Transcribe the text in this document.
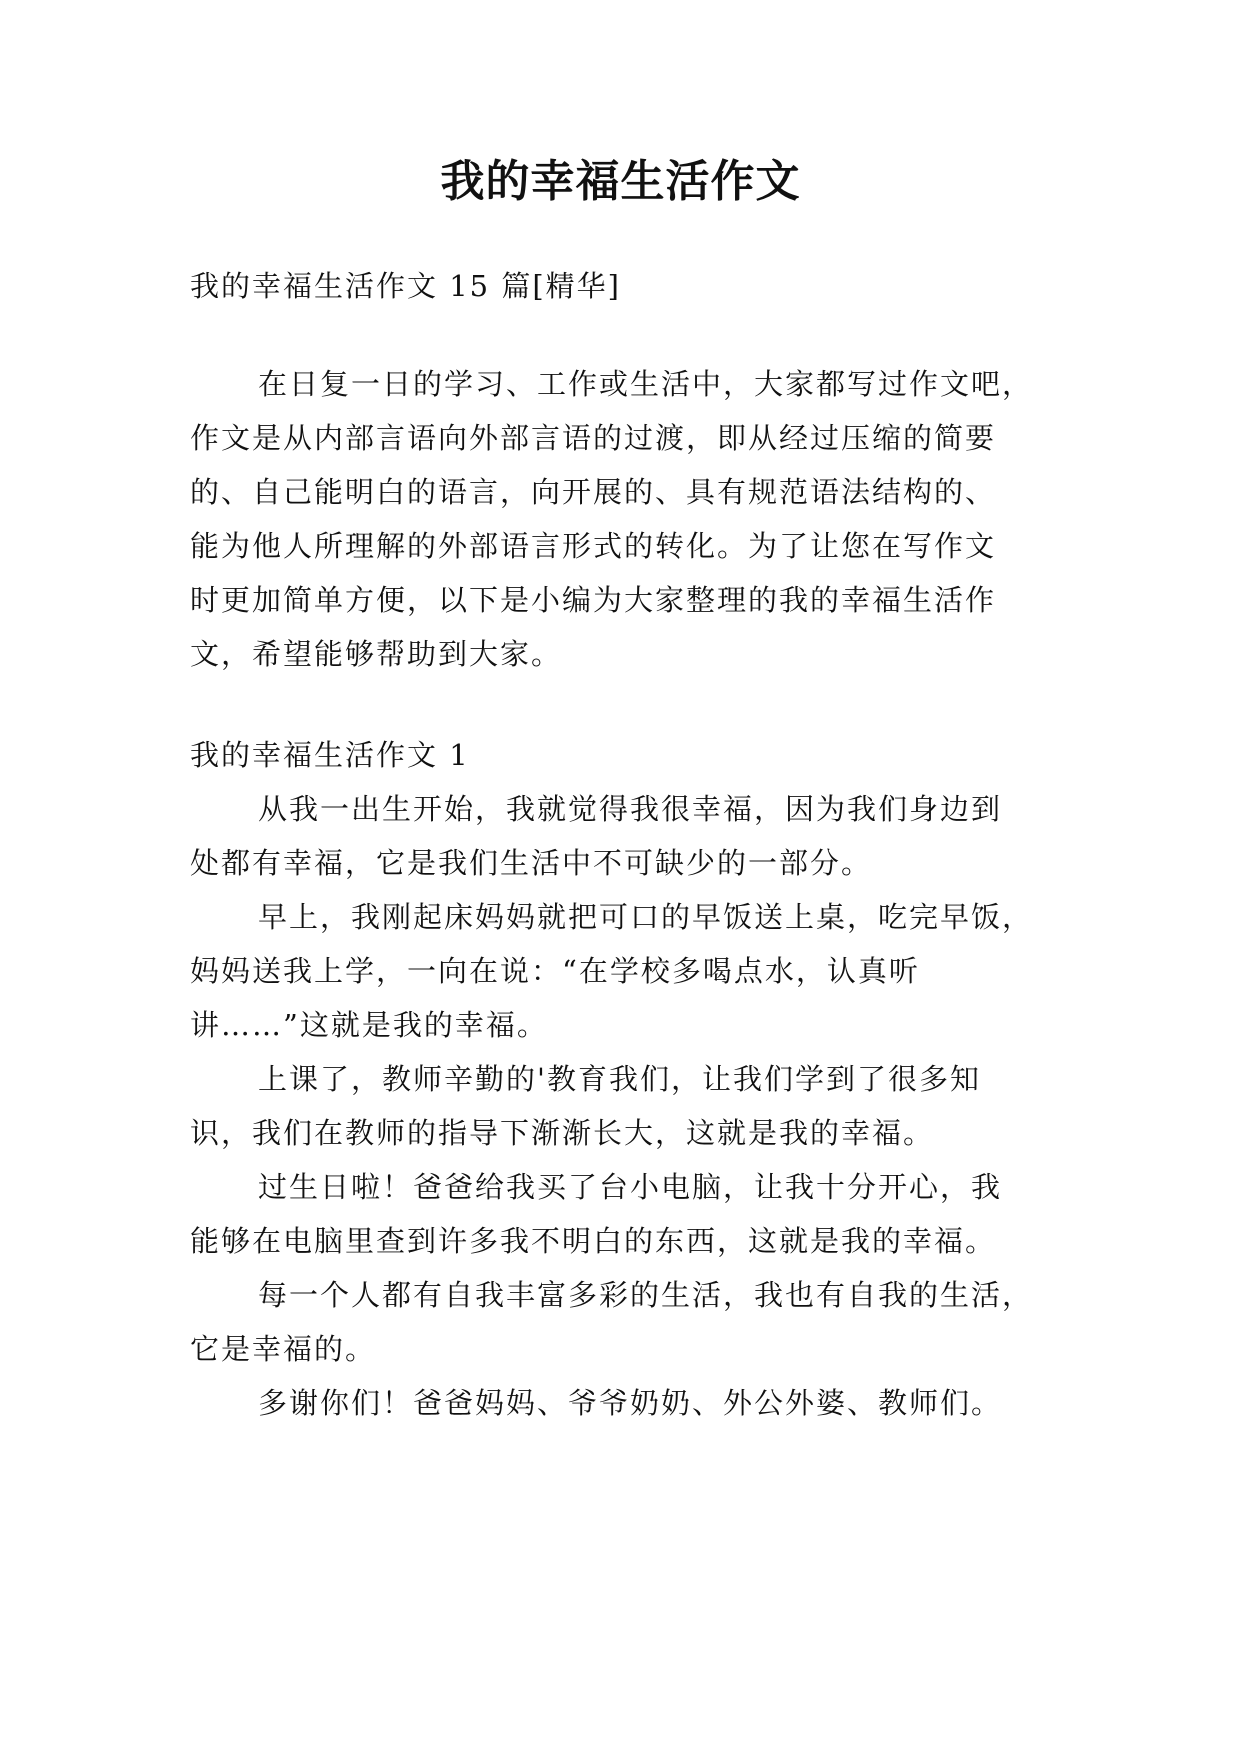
我的幸福生活作文
我的幸福生活作文 15 篇[精华]
在日复一日的学习、工作或生活中，大家都写过作文吧，
作文是从内部言语向外部言语的过渡，即从经过压缩的简要
的、自己能明白的语言，向开展的、具有规范语法结构的、
能为他人所理解的外部语言形式的转化。为了让您在写作文
时更加简单方便，以下是小编为大家整理的我的幸福生活作
文，希望能够帮助到大家。
我的幸福生活作文 1
从我一出生开始，我就觉得我很幸福，因为我们身边到
处都有幸福，它是我们生活中不可缺少的一部分。
早上，我刚起床妈妈就把可口的早饭送上桌，吃完早饭，
妈妈送我上学，一向在说：“在学校多喝点水，认真听
讲……”这就是我的幸福。
上课了，教师辛勤的'教育我们，让我们学到了很多知
识，我们在教师的指导下渐渐长大，这就是我的幸福。
过生日啦！爸爸给我买了台小电脑，让我十分开心，我
能够在电脑里查到许多我不明白的东西，这就是我的幸福。
每一个人都有自我丰富多彩的生活，我也有自我的生活，
它是幸福的。
多谢你们！爸爸妈妈、爷爷奶奶、外公外婆、教师们。
